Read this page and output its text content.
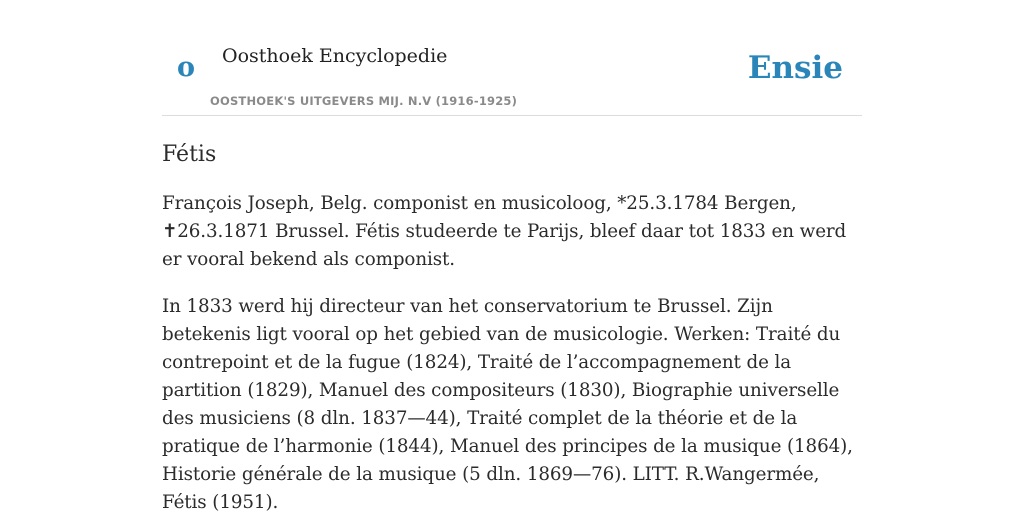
o Oosthoek Encyclopedie
OOSTHOEK'S UITGEVERS MIJ. N.V (1916-1925)
Ensie
Fétis

François Joseph, Belg. componist en musicoloog, *25.3.1784 Bergen, ✝26.3.1871 Brussel. Fétis studeerde te Parijs, bleef daar tot 1833 en werd er vooral bekend als componist.

In 1833 werd hij directeur van het conservatorium te Brussel. Zijn betekenis ligt vooral op het gebied van de musicologie. Werken: Traité du contrepoint et de la fugue (1824), Traité de l’accompagnement de la partition (1829), Manuel des compositeurs (1830), Biographie universelle des musiciens (8 dln. 1837—44), Traité complet de la théorie et de la pratique de l’harmonie (1844), Manuel des principes de la musique (1864), Historie générale de la musique (5 dln. 1869—76). LITT. R.Wangermée, Fétis (1951).
